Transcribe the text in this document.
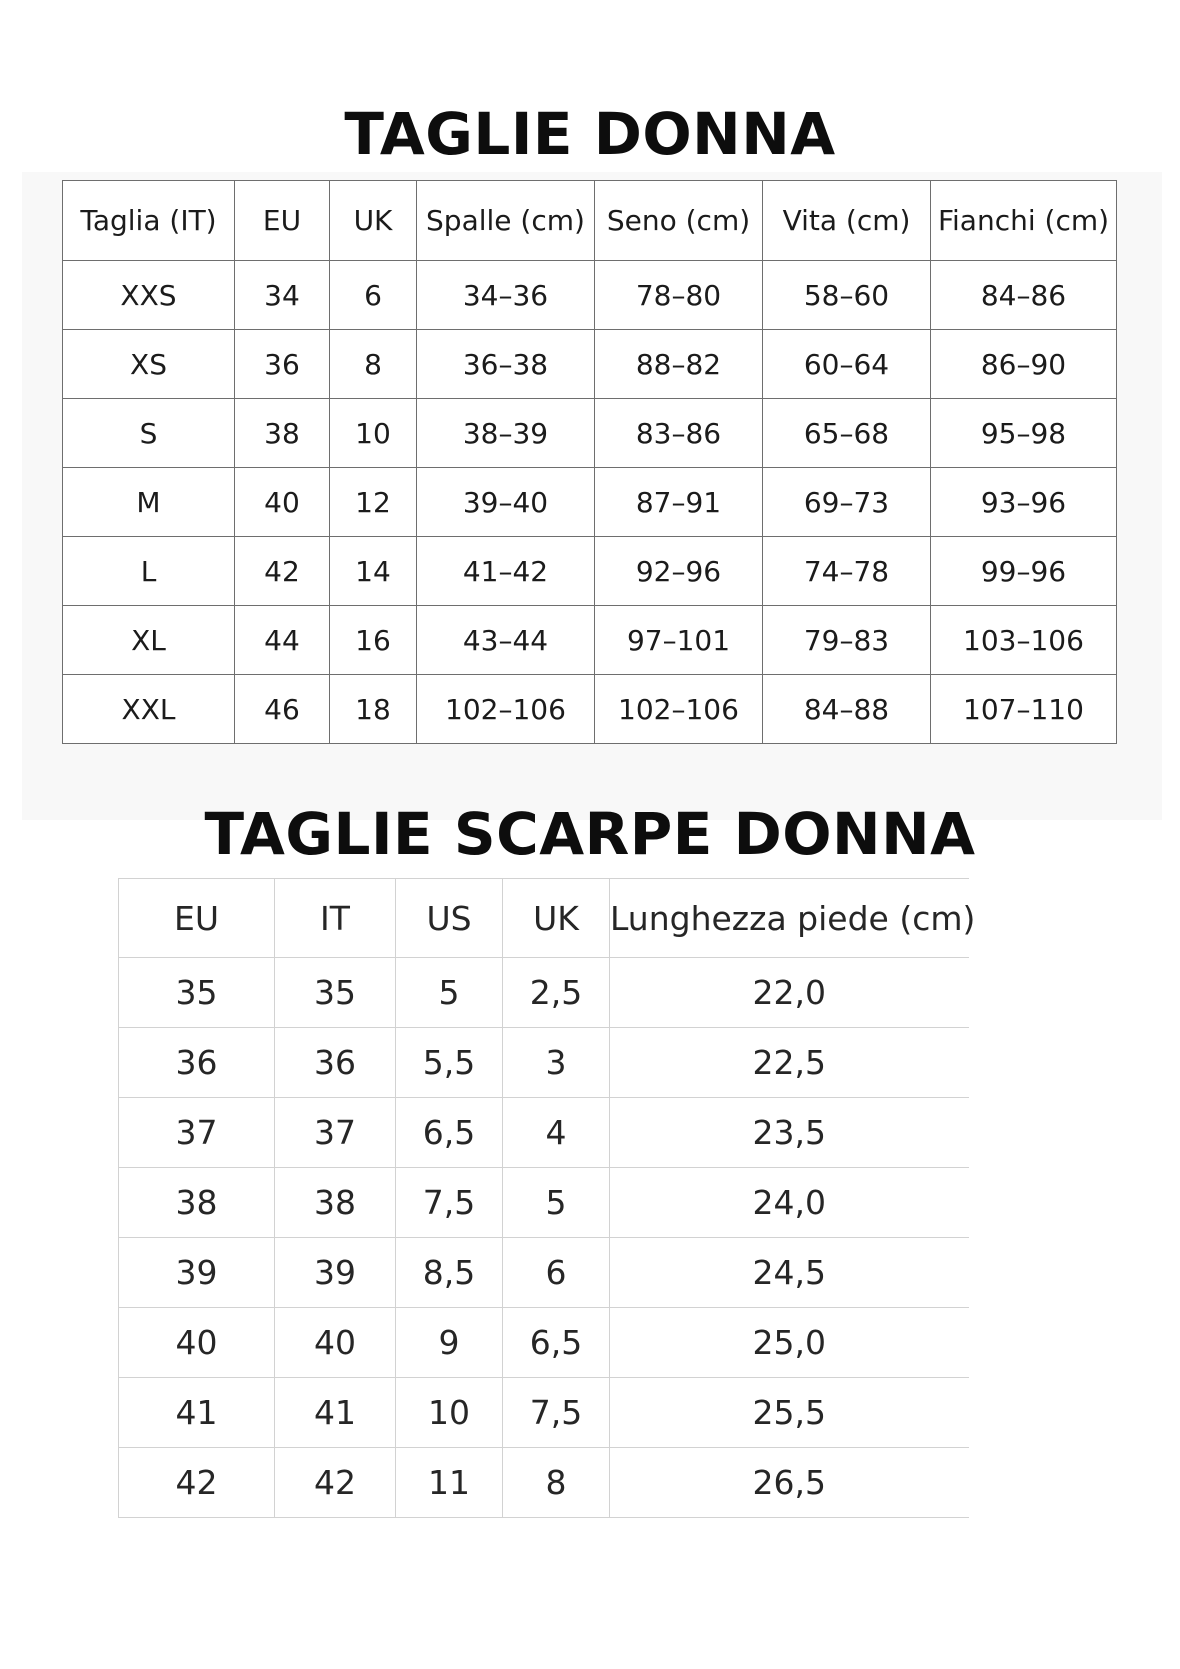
TAGLIE DONNA
Taglia (IT)	EU	UK	Spalle (cm)	Seno (cm)	Vita (cm)	Fianchi (cm)
XXS	34	6	34–36	78–80	58–60	84–86
XS	36	8	36–38	88–82	60–64	86–90
S	38	10	38–39	83–86	65–68	95–98
M	40	12	39–40	87–91	69–73	93–96
L	42	14	41–42	92–96	74–78	99–96
XL	44	16	43–44	97–101	79–83	103–106
XXL	46	18	102–106	102–106	84–88	107–110
TAGLIE SCARPE DONNA
EU	IT	US	UK	Lunghezza piede (cm)
35	35	5	2,5	22,0
36	36	5,5	3	22,5
37	37	6,5	4	23,5
38	38	7,5	5	24,0
39	39	8,5	6	24,5
40	40	9	6,5	25,0
41	41	10	7,5	25,5
42	42	11	8	26,5
